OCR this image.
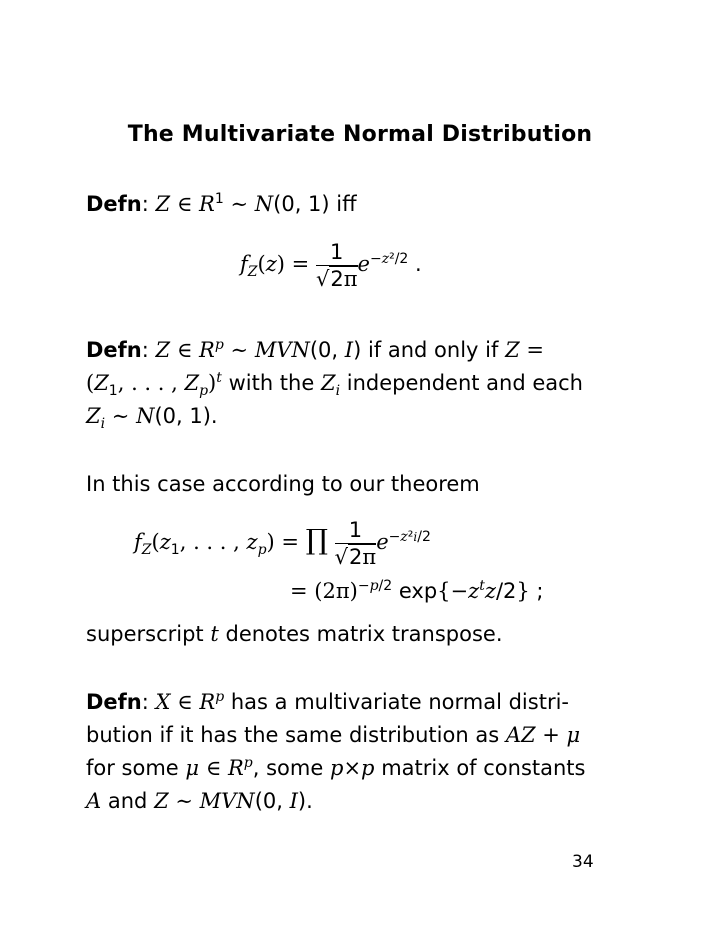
The Multivariate Normal Distribution
Defn: Z ∈ $R^1$ ∼ N(0, 1) iff
$f_Z(z) = \frac{1}{√2\pi} e^{-z^2/2}$ .
Defn: Z ∈ $R^p$ ∼ MVN(0, I) if and only if Z =
($Z_1$, . . . , $Z_p)^t$ with the $Z_i$ independent and each
$Z_i$ ∼ N(0, 1).
In this case according to our theorem
$f_Z(z_1$, . . . , $z_p$) = ∏ $\frac{1}{√2\pi} e^{-z^2i/2}$
= $(2\pi)^{-p/2}$ $\exp\{-z^tz/2\}$ ;
superscript t denotes matrix transpose.
Defn: X ∈ $R^p$ has a multivariate normal distri-
bution if it has the same distribution as AZ + μ
for some μ ∈ $R^p$, some p×p matrix of constants
A and Z ∼ MVN(0, I).
34
